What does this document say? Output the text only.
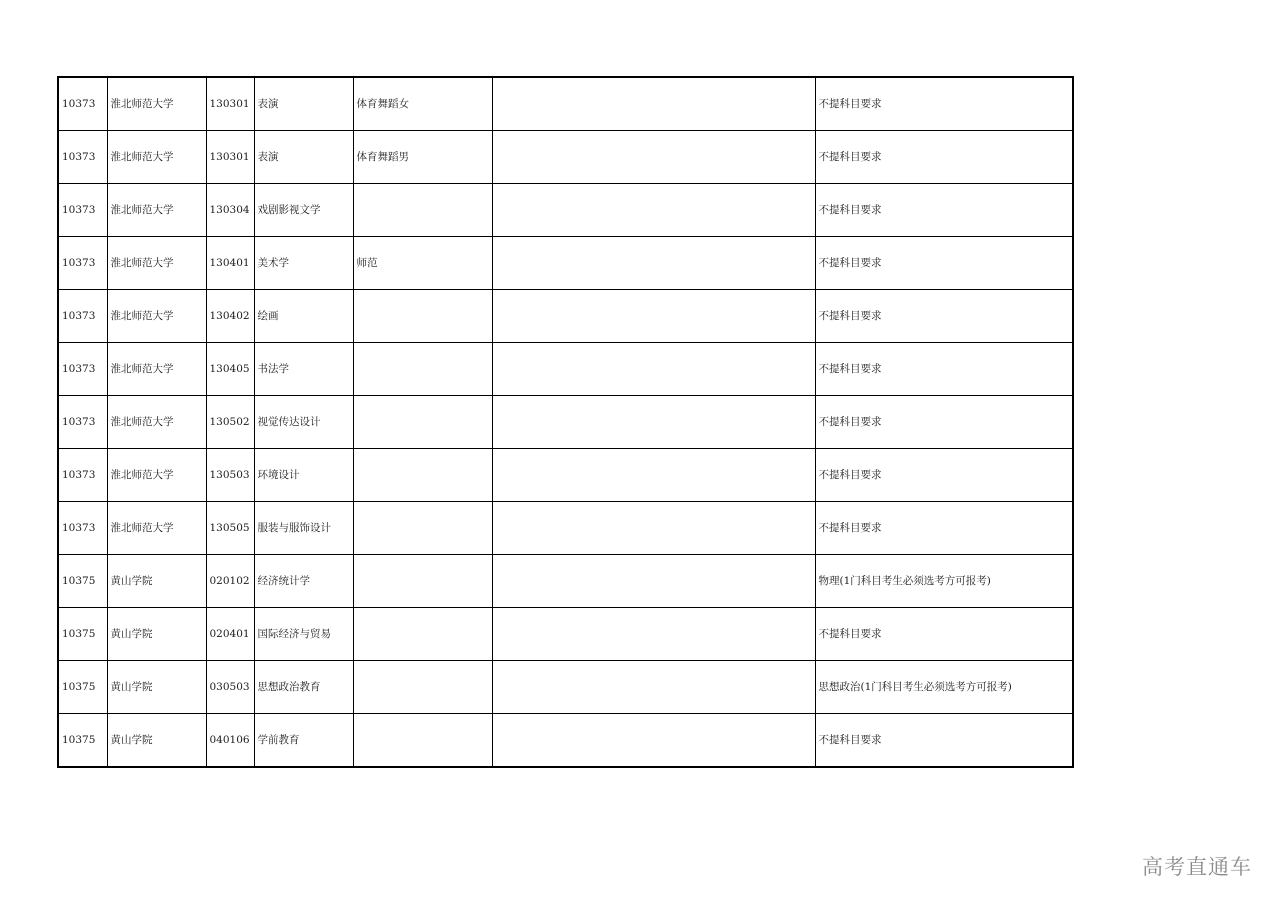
10373	淮北师范大学	130301	表演	体育舞蹈女		不提科目要求
10373	淮北师范大学	130301	表演	体育舞蹈男		不提科目要求
10373	淮北师范大学	130304	戏剧影视文学			不提科目要求
10373	淮北师范大学	130401	美术学	师范		不提科目要求
10373	淮北师范大学	130402	绘画			不提科目要求
10373	淮北师范大学	130405	书法学			不提科目要求
10373	淮北师范大学	130502	视觉传达设计			不提科目要求
10373	淮北师范大学	130503	环境设计			不提科目要求
10373	淮北师范大学	130505	服装与服饰设计			不提科目要求
10375	黄山学院	020102	经济统计学			物理(1门科目考生必须选考方可报考)
10375	黄山学院	020401	国际经济与贸易			不提科目要求
10375	黄山学院	030503	思想政治教育			思想政治(1门科目考生必须选考方可报考)
10375	黄山学院	040106	学前教育			不提科目要求
高考直通车
